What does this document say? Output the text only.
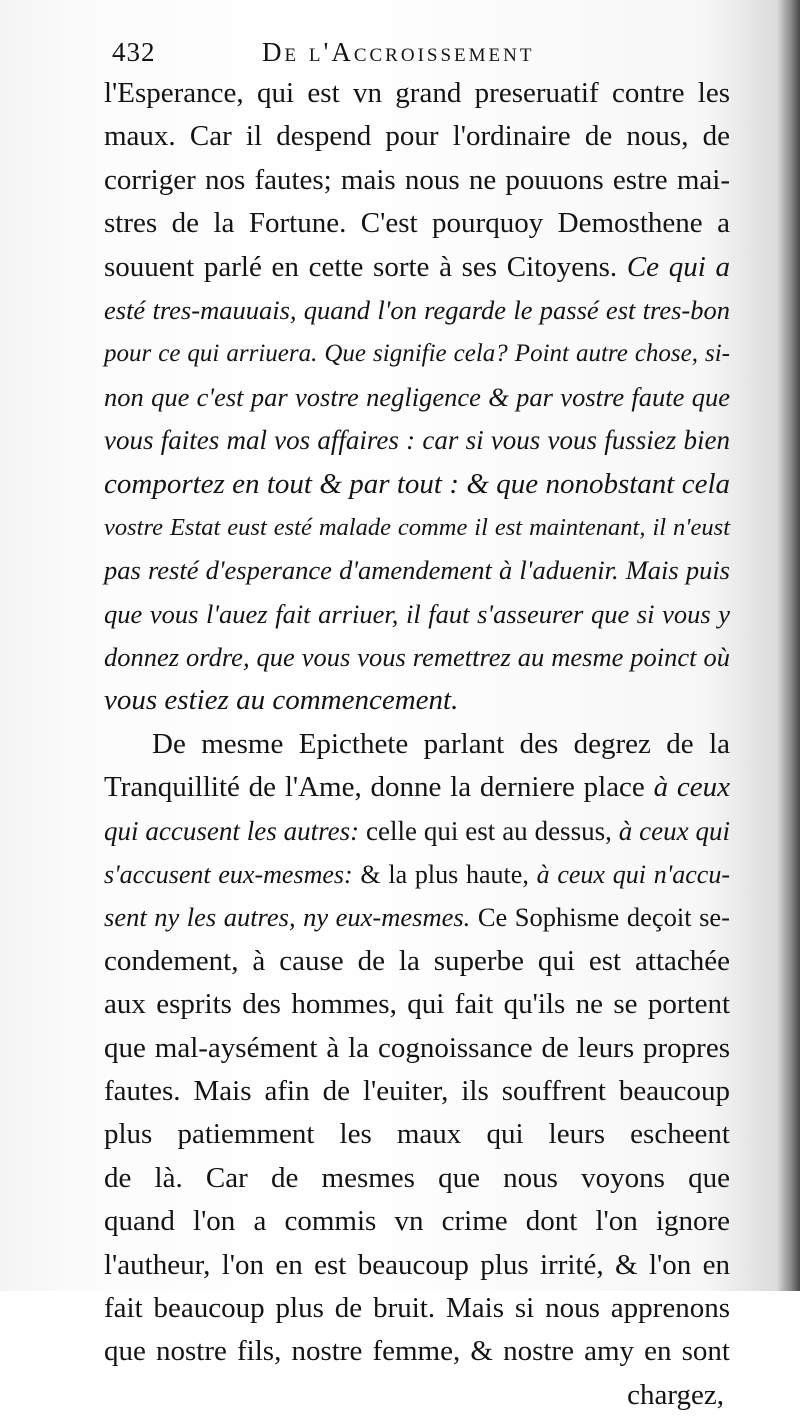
432	De l'Accroissement
l'Esperance, qui est vn grand preseruatif contre les
maux. Car il despend pour l'ordinaire de nous, de
corriger nos fautes; mais nous ne pouuons estre mai-
stres de la Fortune. C'est pourquoy Demosthene a
souuent parlé en cette sorte à ses Citoyens. Ce qui a
esté tres-mauuais, quand l'on regarde le passé est tres-bon
pour ce qui arriuera. Que signifie cela? Point autre chose, si-
non que c'est par vostre negligence & par vostre faute que
vous faites mal vos affaires : car si vous vous fussiez bien
comportez en tout & par tout : & que nonobstant cela
vostre Estat eust esté malade comme il est maintenant, il n'eust
pas resté d'esperance d'amendement à l'aduenir. Mais puis
que vous l'auez fait arriuer, il faut s'asseurer que si vous y
donnez ordre, que vous vous remettrez au mesme poinct où
vous estiez au commencement.
De mesme Epicthete parlant des degrez de la
Tranquillité de l'Ame, donne la derniere place à ceux
qui accusent les autres: celle qui est au dessus, à ceux qui
s'accusent eux-mesmes: & la plus haute, à ceux qui n'accu-
sent ny les autres, ny eux-mesmes. Ce Sophisme deçoit se-
condement, à cause de la superbe qui est attachée
aux esprits des hommes, qui fait qu'ils ne se portent
que mal-aysément à la cognoissance de leurs propres
fautes. Mais afin de l'euiter, ils souffrent beaucoup
plus patiemment les maux qui leurs escheent
de là. Car de mesmes que nous voyons que
quand l'on a commis vn crime dont l'on ignore
l'autheur, l'on en est beaucoup plus irrité, & l'on en
fait beaucoup plus de bruit. Mais si nous apprenons
que nostre fils, nostre femme, & nostre amy en sont
chargez,
